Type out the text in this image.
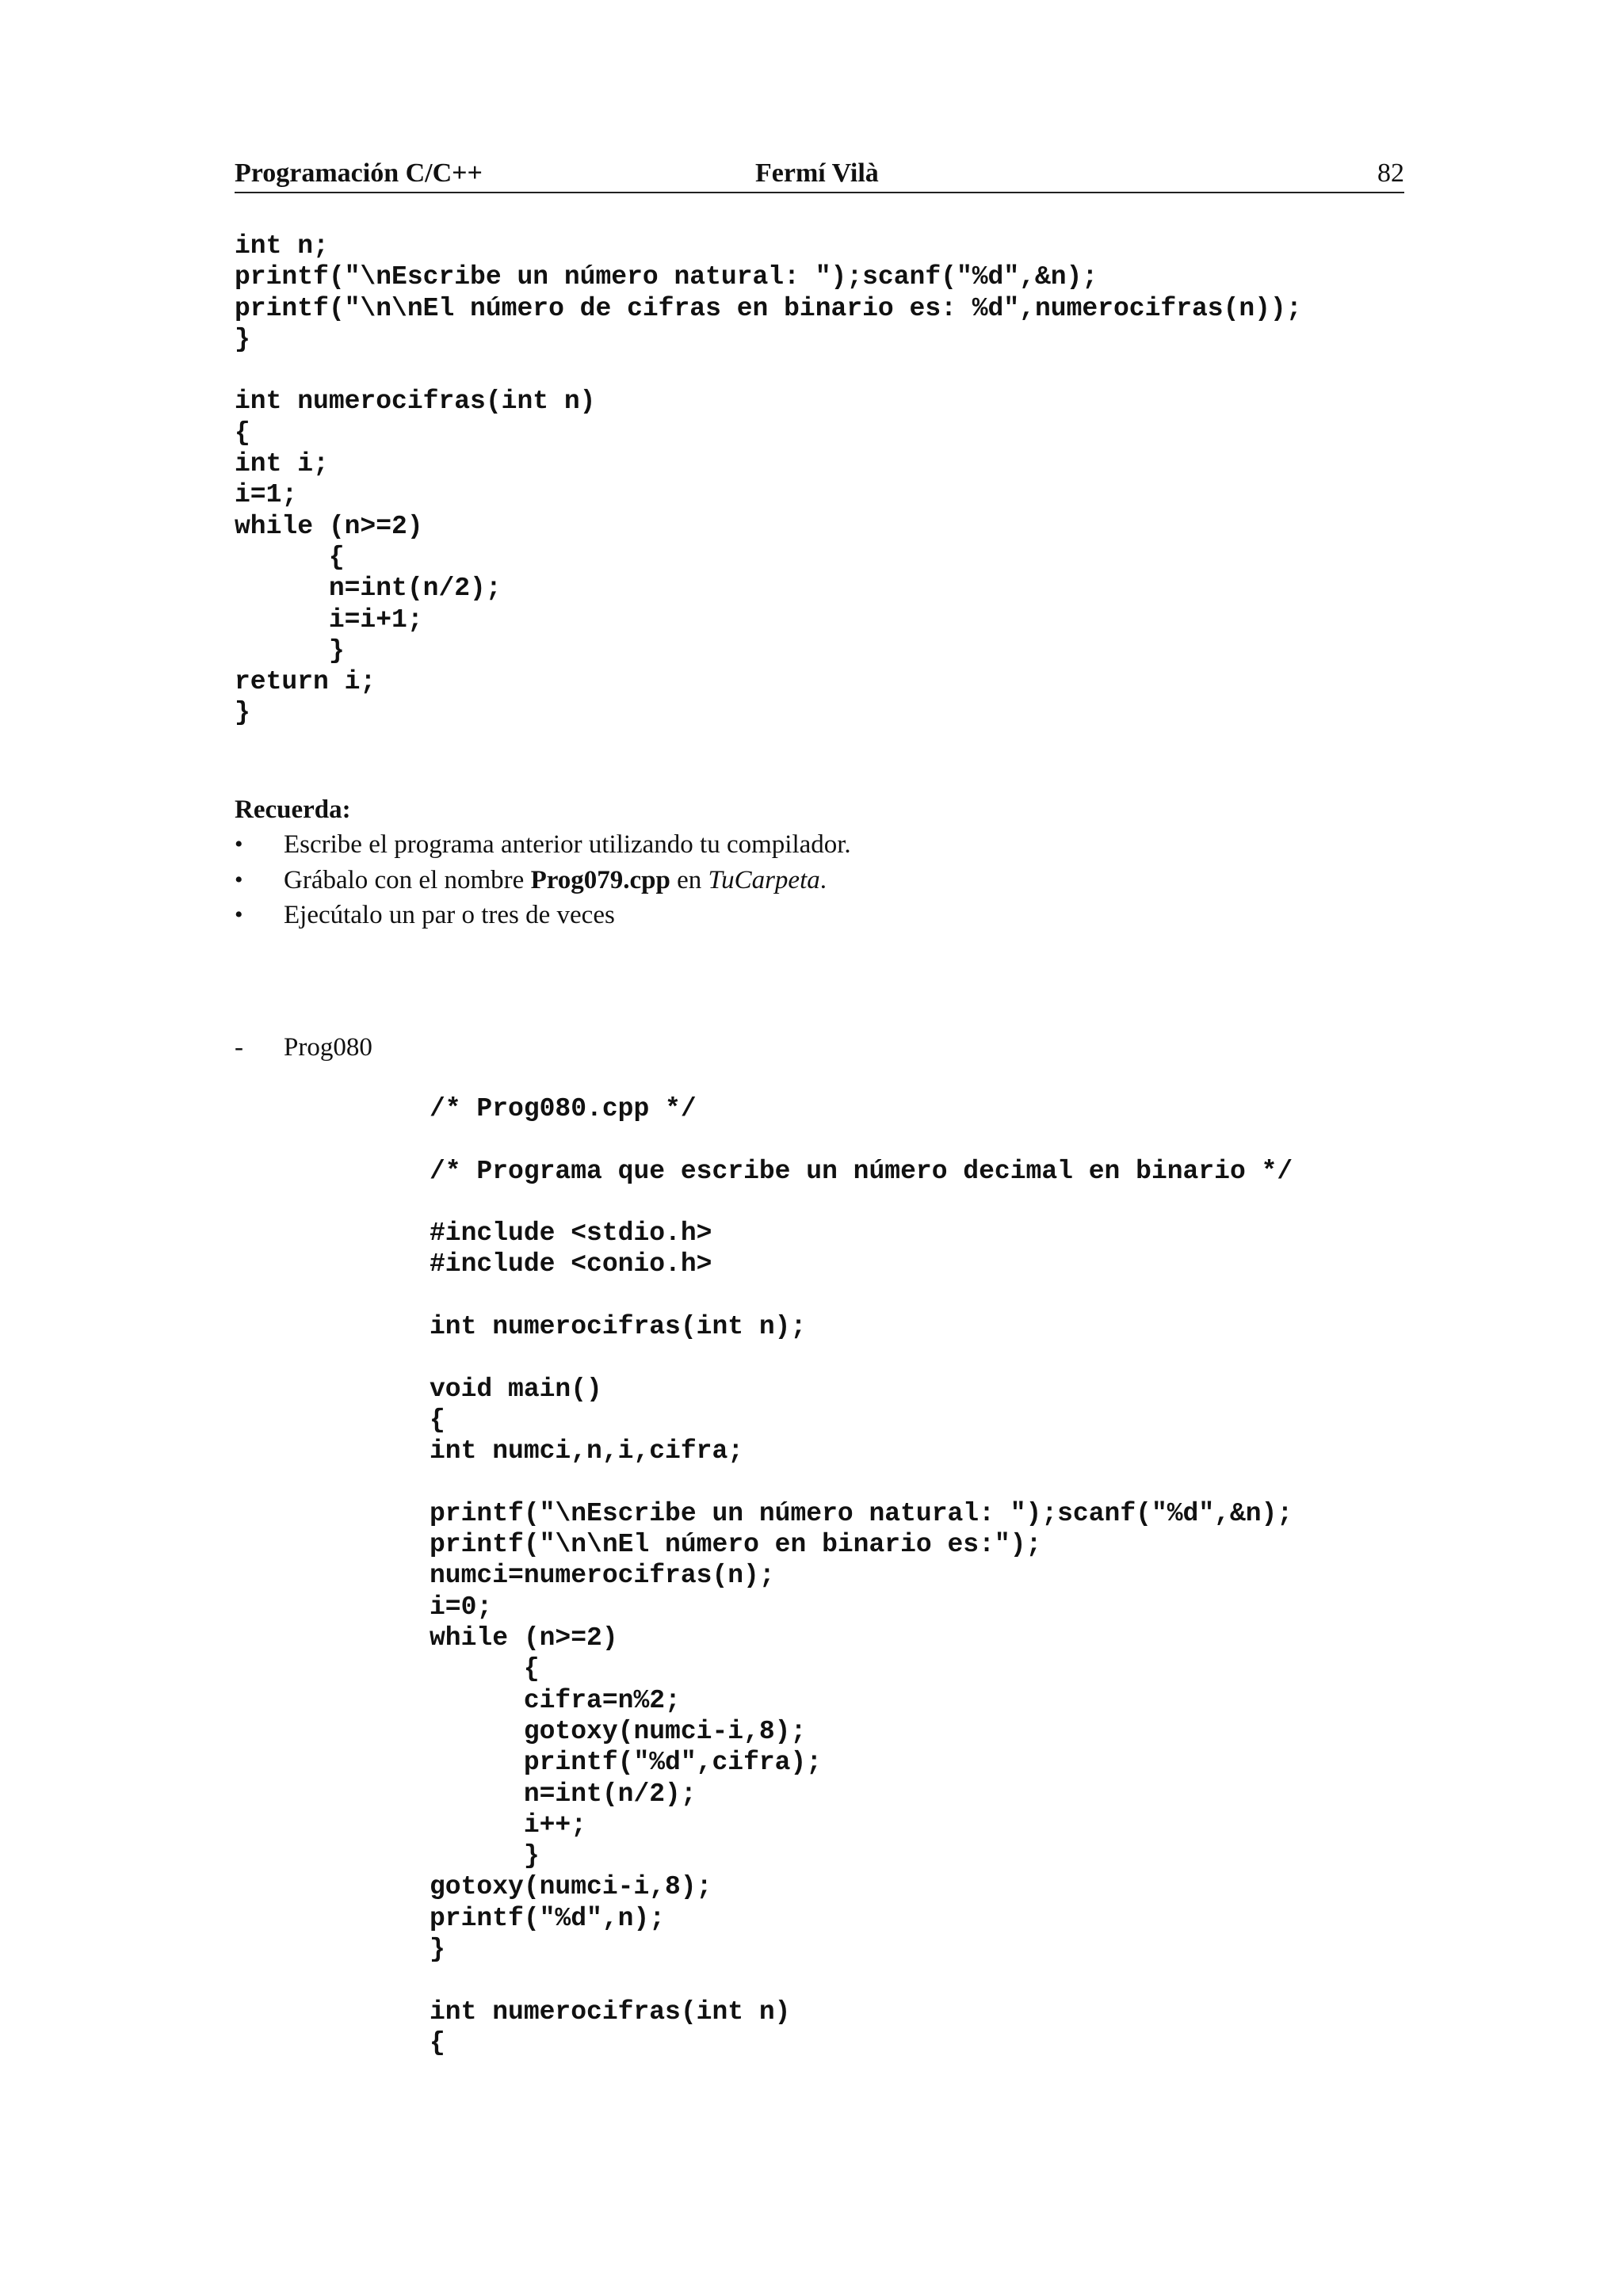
Programación C/C++	Fermí Vilà	82
int n;
printf("\nEscribe un número natural: ");scanf("%d",&n);
printf("\n\nEl número de cifras en binario es: %d",numerocifras(n));
}
int numerocifras(int n)
{
int i;
i=1;
while (n>=2)
{
n=int(n/2);
i=i+1;
}
return i;
}
Recuerda:
• Escribe el programa anterior utilizando tu compilador.
• Grábalo con el nombre Prog079.cpp en TuCarpeta.
• Ejecútalo un par o tres de veces
- Prog080
/* Prog080.cpp */
/* Programa que escribe un número decimal en binario */
#include <stdio.h>
#include <conio.h>
int numerocifras(int n);
void main()
{
int numci,n,i,cifra;
printf("\nEscribe un número natural: ");scanf("%d",&n);
printf("\n\nEl número en binario es:");
numci=numerocifras(n);
i=0;
while (n>=2)
{
cifra=n%2;
gotoxy(numci-i,8);
printf("%d",cifra);
n=int(n/2);
i++;
}
gotoxy(numci-i,8);
printf("%d",n);
}
int numerocifras(int n)
{
